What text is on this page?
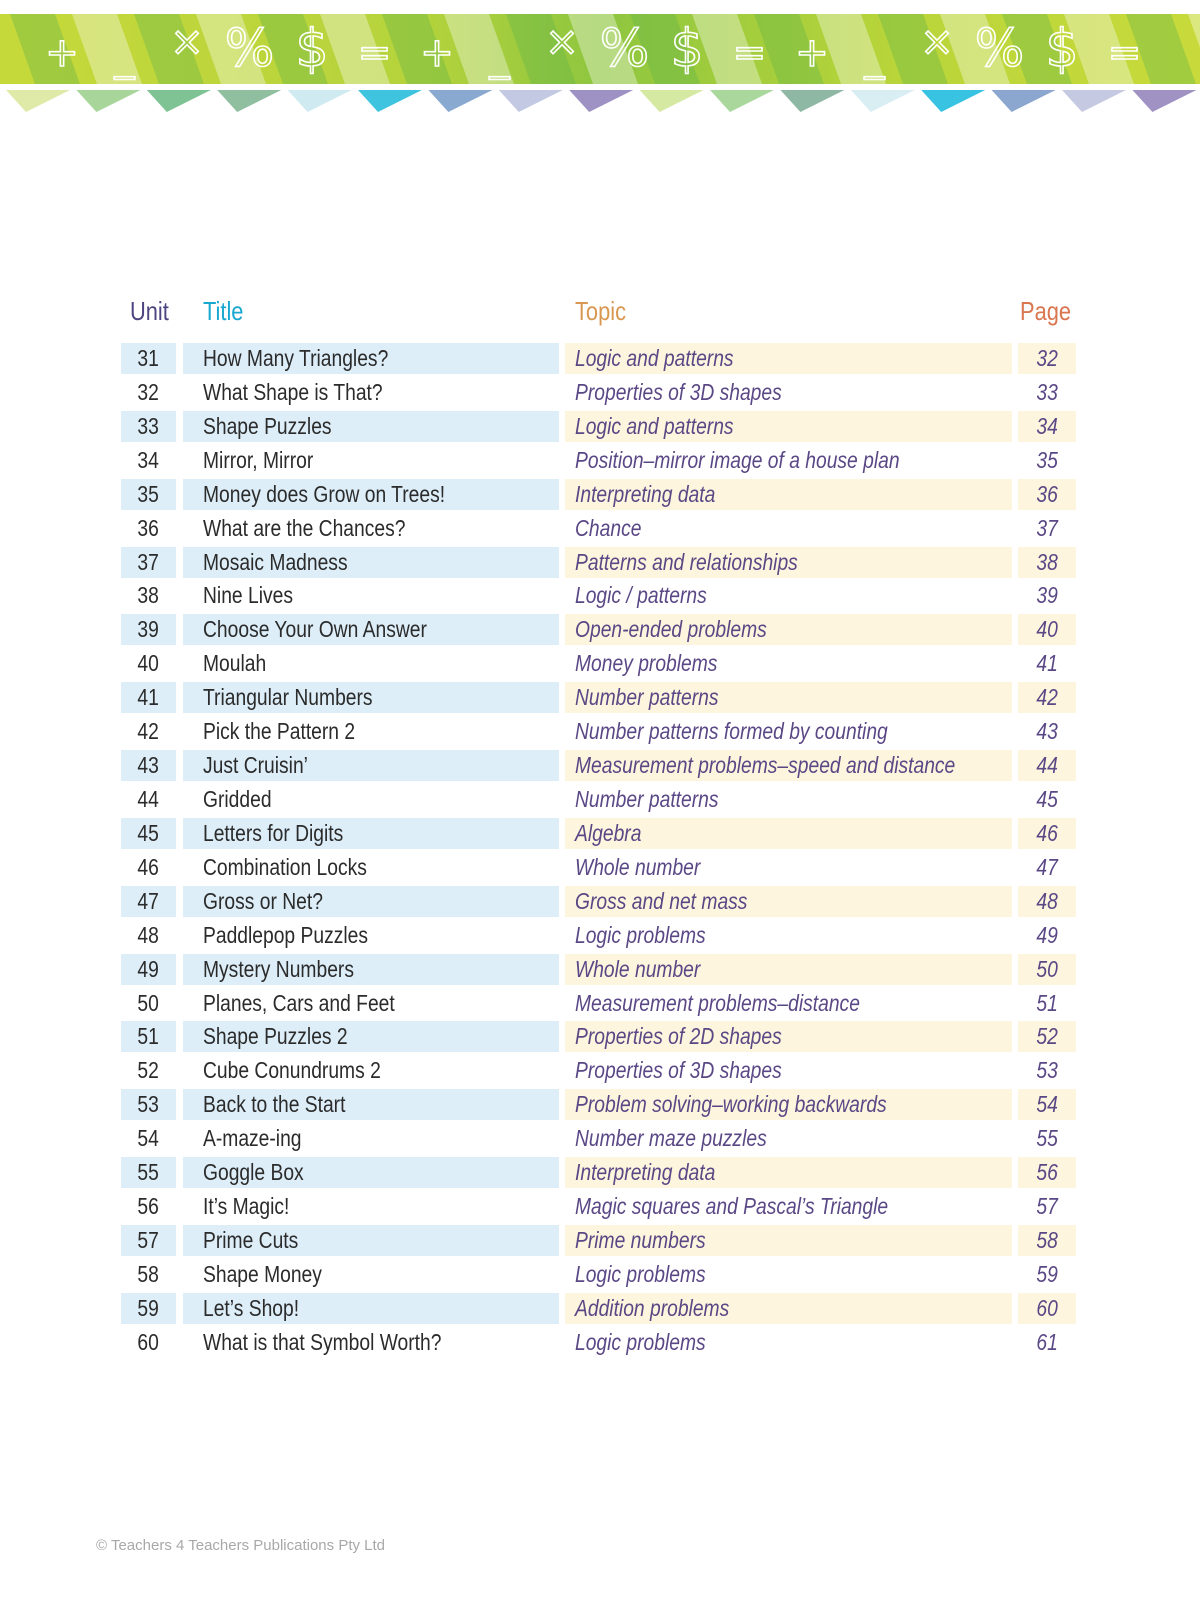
+ _ × % $ = + _ × % $ = + _ × % $ =
Unit Title	Topic	Page
31 How Many Triangles?	Logic and patterns	32
32 What Shape is That?	Properties of 3D shapes	33
33 Shape Puzzles	Logic and patterns	34
34 Mirror, Mirror	Position–mirror image of a house plan	35
35 Money does Grow on Trees!	Interpreting data	36
36 What are the Chances?	Chance	37
37 Mosaic Madness	Patterns and relationships	38
38 Nine Lives	Logic / patterns	39
39 Choose Your Own Answer	Open-ended problems	40
40 Moulah	Money problems	41
41 Triangular Numbers	Number patterns	42
42 Pick the Pattern 2	Number patterns formed by counting	43
43 Just Cruisin’	Measurement problems–speed and distance	44
44 Gridded	Number patterns	45
45 Letters for Digits	Algebra	46
46 Combination Locks	Whole number	47
47 Gross or Net?	Gross and net mass	48
48 Paddlepop Puzzles	Logic problems	49
49 Mystery Numbers	Whole number	50
50 Planes, Cars and Feet	Measurement problems–distance	51
51 Shape Puzzles 2	Properties of 2D shapes	52
52 Cube Conundrums 2	Properties of 3D shapes	53
53 Back to the Start	Problem solving–working backwards	54
54 A-maze-ing	Number maze puzzles	55
55 Goggle Box	Interpreting data	56
56 It’s Magic!	Magic squares and Pascal’s Triangle	57
57 Prime Cuts	Prime numbers	58
58 Shape Money	Logic problems	59
59 Let’s Shop!	Addition problems	60
60 What is that Symbol Worth?	Logic problems	61
© Teachers 4 Teachers Publications Pty Ltd
